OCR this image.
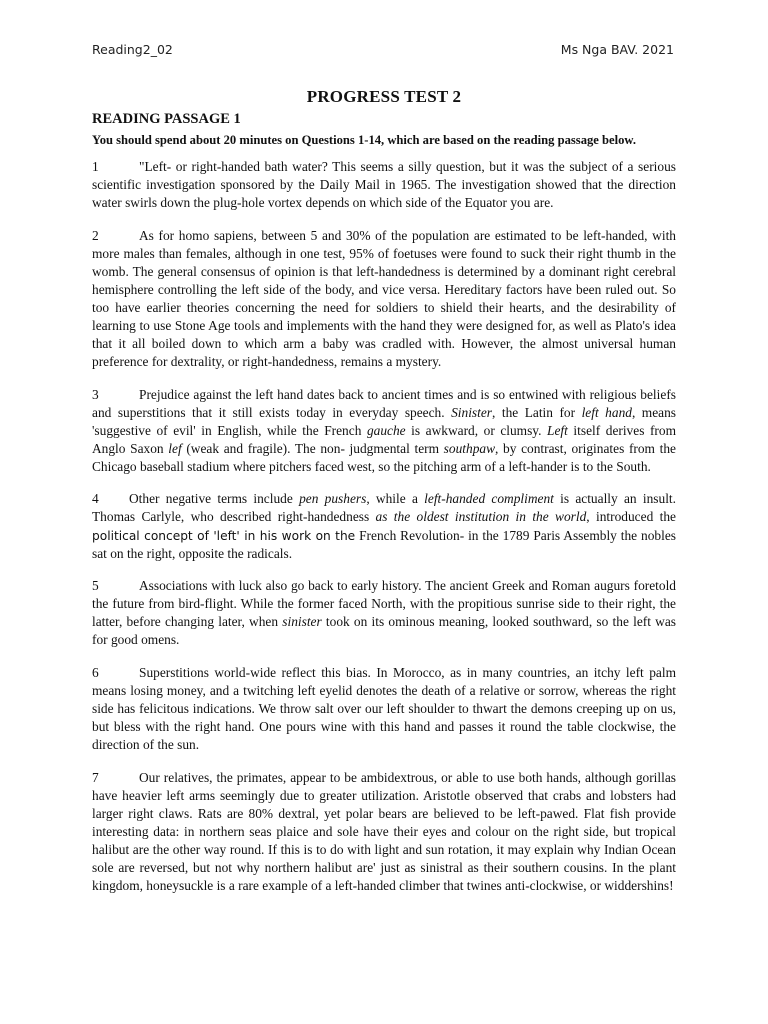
Reading2_02	Ms Nga BAV. 2021
PROGRESS TEST 2
READING PASSAGE 1
You should spend about 20 minutes on Questions 1-14, which are based on the reading passage below.

1	"Left- or right-handed bath water? This seems a silly question, but it was the subject of a serious scientific investigation sponsored by the Daily Mail in 1965. The investigation showed that the direction water swirls down the plug-hole vortex depends on which side of the Equator you are.

2	As for homo sapiens, between 5 and 30% of the population are estimated to be left-handed, with more males than females, although in one test, 95% of foetuses were found to suck their right thumb in the womb. The general consensus of opinion is that left-handedness is determined by a dominant right cerebral hemisphere controlling the left side of the body, and vice versa. Hereditary factors have been ruled out. So too have earlier theories concerning the need for soldiers to shield their hearts, and the desirability of learning to use Stone Age tools and implements with the hand they were designed for, as well as Plato's idea that it all boiled down to which arm a baby was cradled with. However, the almost universal human preference for dextrality, or right-handedness, remains a mystery.

3	Prejudice against the left hand dates back to ancient times and is so entwined with religious beliefs and superstitions that it still exists today in everyday speech. Sinister, the Latin for left hand, means 'suggestive of evil' in English, while the French gauche is awkward, or clumsy. Left itself derives from Anglo Saxon lef (weak and fragile). The non- judgmental term southpaw, by contrast, originates from the Chicago baseball stadium where pitchers faced west, so the pitching arm of a left-hander is to the South.

4 Other negative terms include pen pushers, while a left-handed compliment is actually an insult. Thomas Carlyle, who described right-handedness as the oldest institution in the world, introduced the political concept of 'left' in his work on the French Revolution- in the 1789 Paris Assembly the nobles sat on the right, opposite the radicals.

5	Associations with luck also go back to early history. The ancient Greek and Roman augurs foretold the future from bird-flight. While the former faced North, with the propitious sunrise side to their right, the latter, before changing later, when sinister took on its ominous meaning, looked southward, so the left was for good omens.

6	Superstitions world-wide reflect this bias. In Morocco, as in many countries, an itchy left palm means losing money, and a twitching left eyelid denotes the death of a relative or sorrow, whereas the right side has felicitous indications. We throw salt over our left shoulder to thwart the demons creeping up on us, but bless with the right hand. One pours wine with this hand and passes it round the table clockwise, the direction of the sun.

7	Our relatives, the primates, appear to be ambidextrous, or able to use both hands, although gorillas have heavier left arms seemingly due to greater utilization. Aristotle observed that crabs and lobsters had larger right claws. Rats are 80% dextral, yet polar bears are believed to be left-pawed. Flat fish provide interesting data: in northern seas plaice and sole have their eyes and colour on the right side, but tropical halibut are the other way round. If this is to do with light and sun rotation, it may explain why Indian Ocean sole are reversed, but not why northern halibut are' just as sinistral as their southern cousins. In the plant kingdom, honeysuckle is a rare example of a left-handed climber that twines anti-clockwise, or widdershins!
